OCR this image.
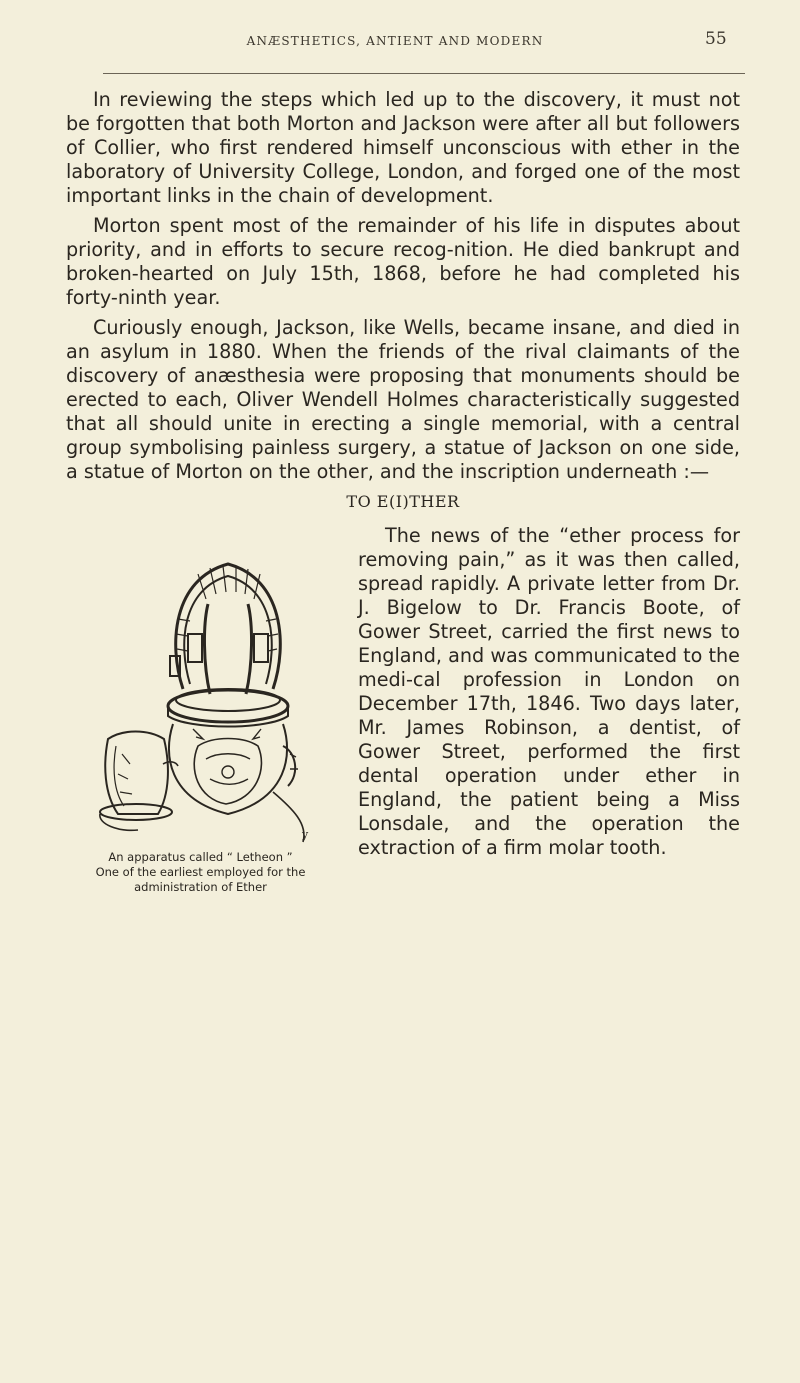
ANÆSTHETICS, ANTIENT AND MODERN	55

In reviewing the steps which led up to the discovery, it must not be forgotten that both Morton and Jackson were after all but followers of Collier, who first rendered himself unconscious with ether in the laboratory of University College, London, and forged one of the most important links in the chain of development.

Morton spent most of the remainder of his life in disputes about priority, and in efforts to secure recog-nition. He died bankrupt and broken-hearted on July 15th, 1868, before he had completed his forty-ninth year.

Curiously enough, Jackson, like Wells, became insane, and died in an asylum in 1880. When the friends of the rival claimants of the discovery of anæsthesia were proposing that monuments should be erected to each, Oliver Wendell Holmes characteristically suggested that all should unite in erecting a single memorial, with a central group symbolising painless surgery, a statue of Jackson on one side, a statue of Morton on the other, and the inscription underneath :—

TO E(I)THER

y
An apparatus called “ Letheon ”
One of the earliest employed for the
administration of Ether

The news of the “ether process for removing pain,” as it was then called, spread rapidly. A private letter from Dr. J. Bigelow to Dr. Francis Boote, of Gower Street, carried the first news to England, and was communicated to the medi-cal profession in London on December 17th, 1846. Two days later, Mr. James Robinson, a dentist, of Gower Street, performed the first dental operation under ether in England, the patient being a Miss Lonsdale, and the operation the extraction of a firm molar tooth.
